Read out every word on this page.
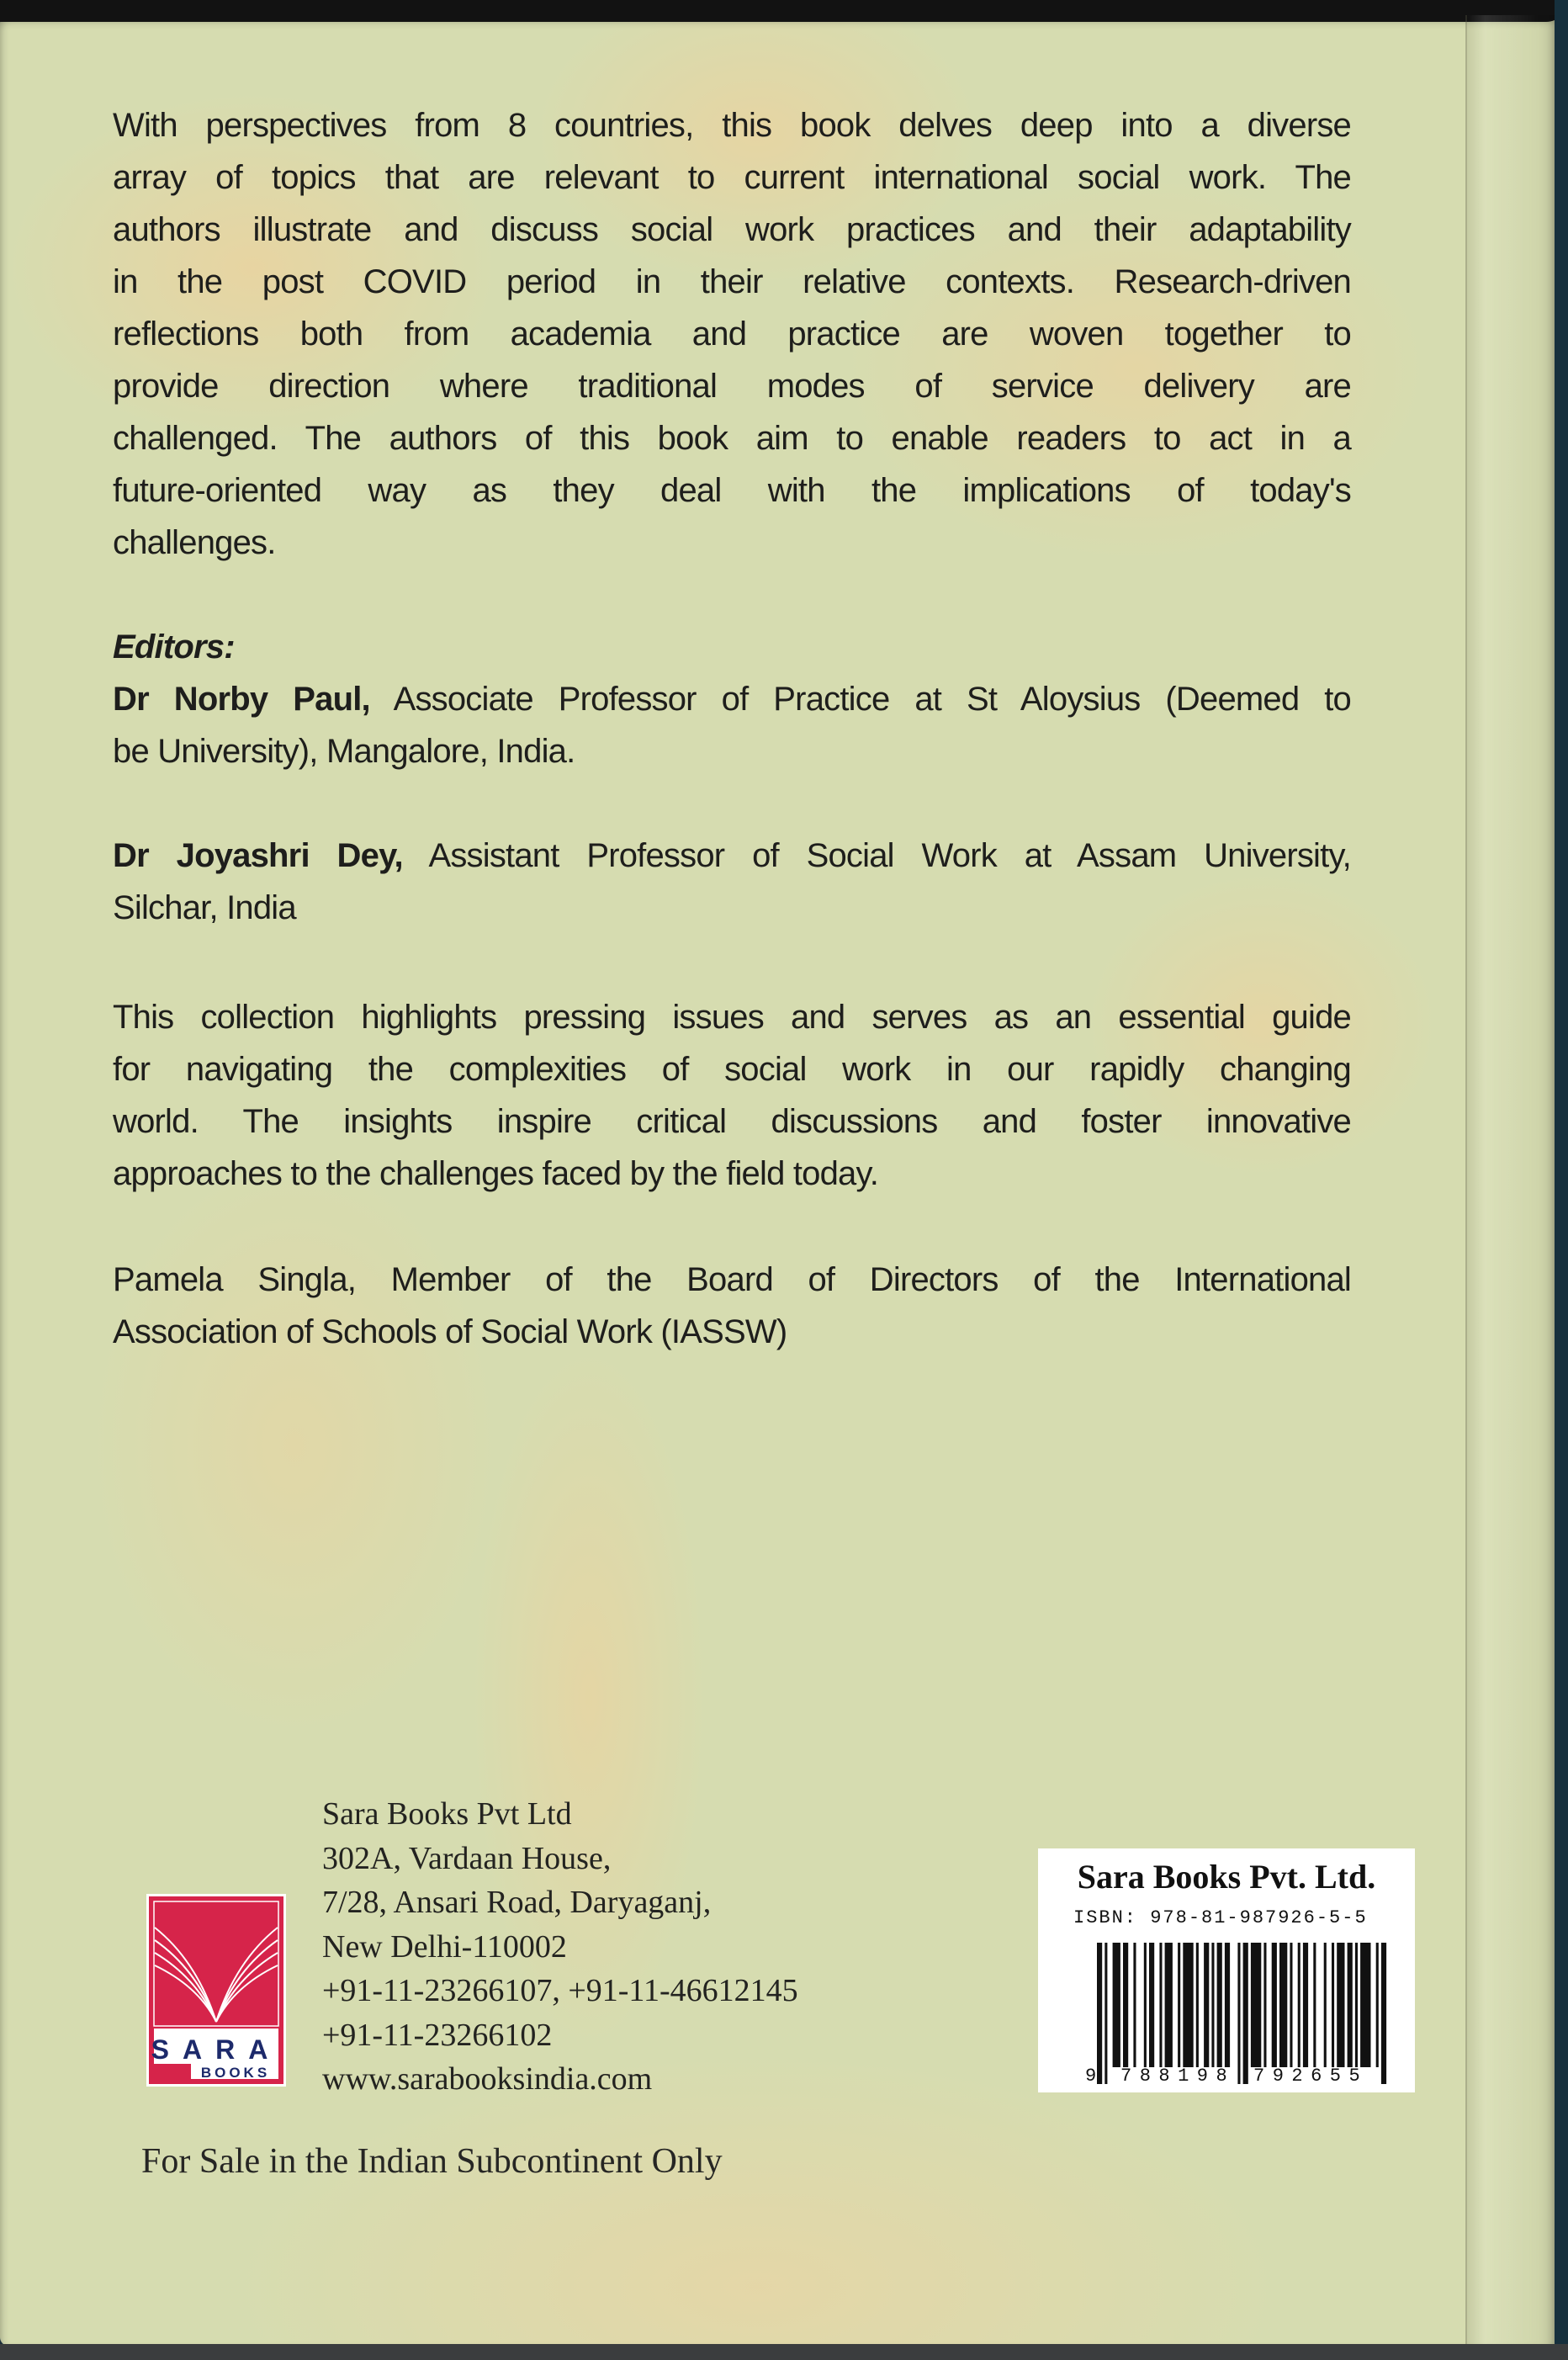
With perspectives from 8 countries, this book delves deep into a diverse
array of topics that are relevant to current international social work. The
authors illustrate and discuss social work practices and their adaptability
in the post COVID period in their relative contexts. Research-driven
reflections both from academia and practice are woven together to
provide direction where traditional modes of service delivery are
challenged. The authors of this book aim to enable readers to act in a
future-oriented way as they deal with the implications of today's
challenges.
Editors:
Dr Norby Paul, Associate Professor of Practice at St Aloysius (Deemed to
be University), Mangalore, India.
Dr Joyashri Dey, Assistant Professor of Social Work at Assam University,
Silchar, India
This collection highlights pressing issues and serves as an essential guide
for navigating the complexities of social work in our rapidly changing
world. The insights inspire critical discussions and foster innovative
approaches to the challenges faced by the field today.
Pamela Singla, Member of the Board of Directors of the International
Association of Schools of Social Work (IASSW)
SARA
BOOKS
Sara Books Pvt Ltd
302A, Vardaan House,
7/28, Ansari Road, Daryaganj,
New Delhi-110002
+91-11-23266107, +91-11-46612145
+91-11-23266102
www.sarabooksindia.com
Sara Books Pvt. Ltd.
ISBN: 978-81-987926-5-5
9 788198 792655
For Sale in the Indian Subcontinent Only
